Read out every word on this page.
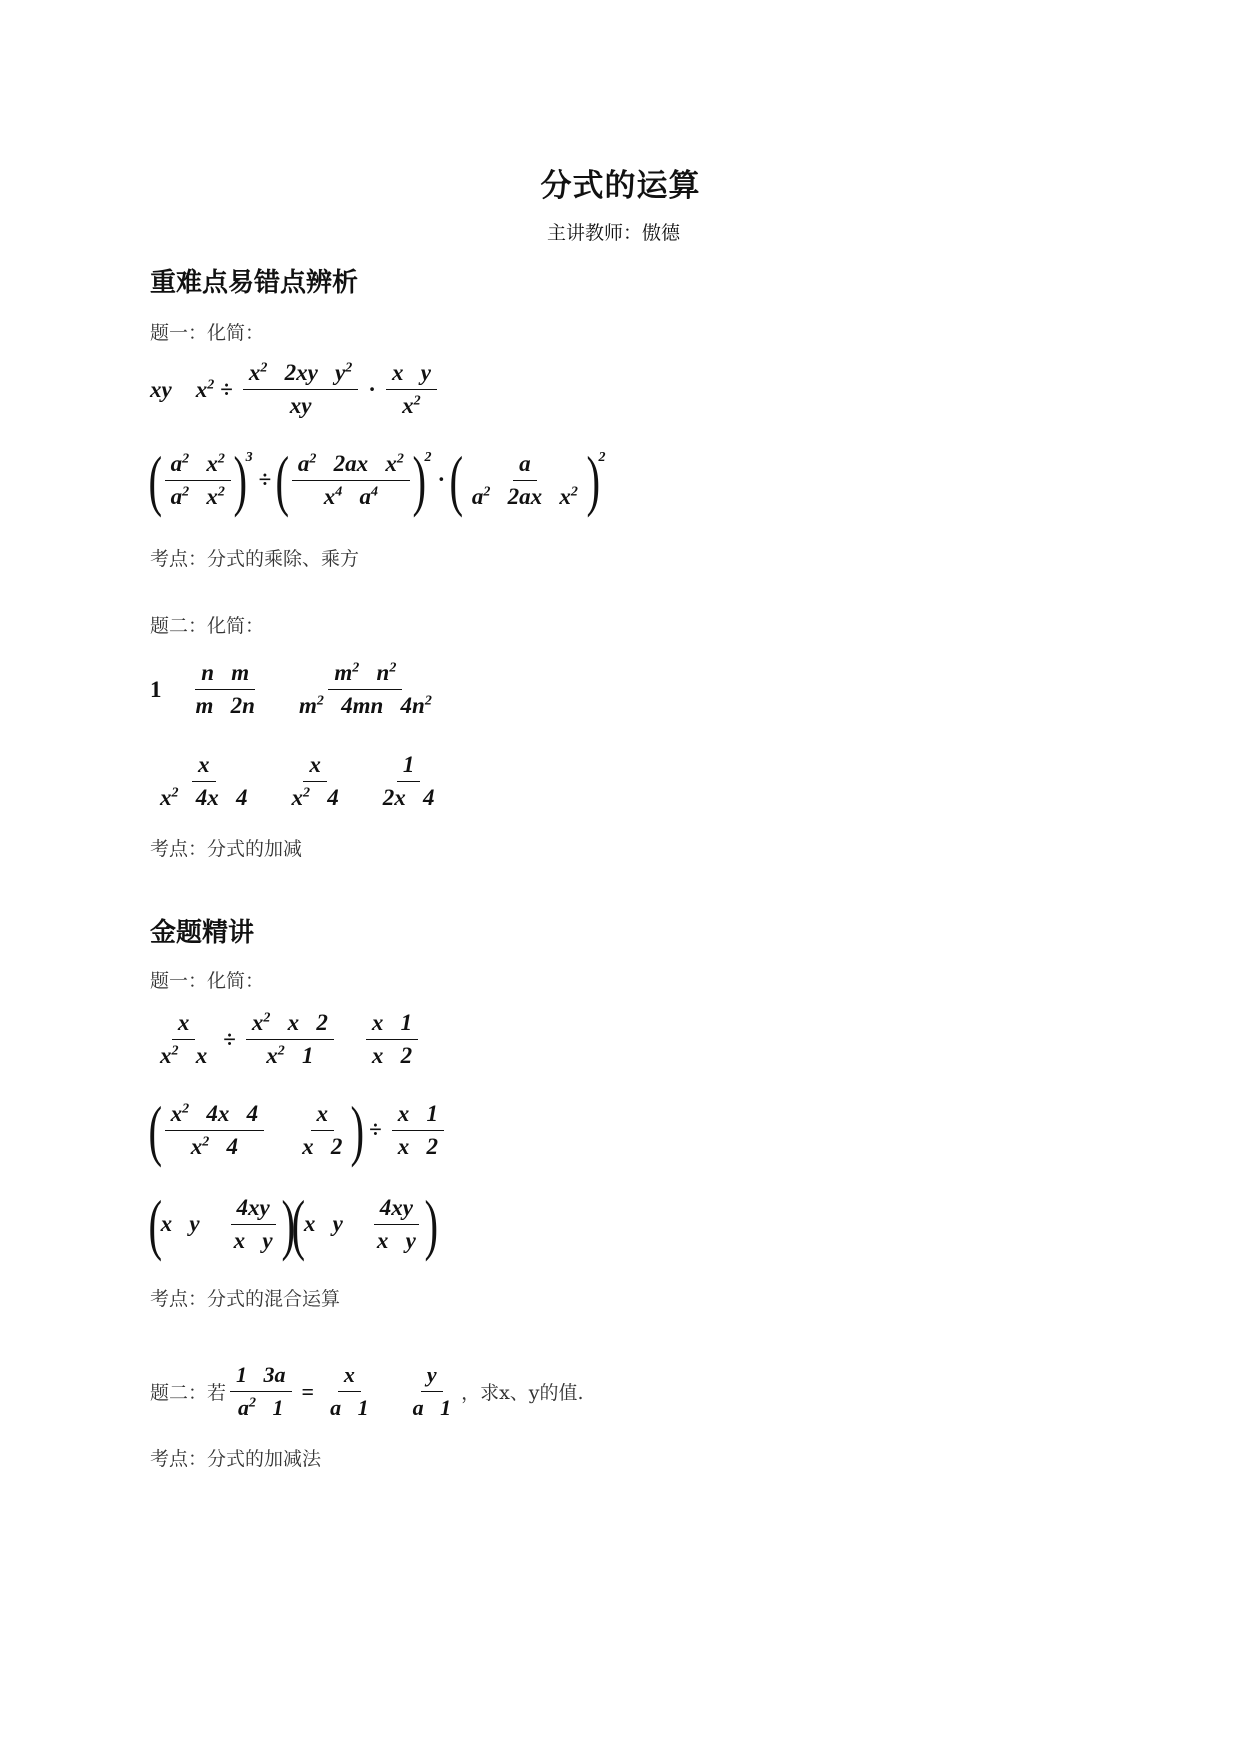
分式的运算
主讲教师：傲德
重难点易错点辨析
题一：化简：
xy $x^2 \div \frac{x^2 2xy y^2}{xy} \cdot \frac{\text{x   y}}{x^2}$
( $\frac{a^2 x^2}{a^2 x^2}$ )
3
÷ ( $\frac{a^2 2ax x^2}{x^4 a^4}$ )
2
· ( $\frac{a}{a^2 2ax x^2}$ )
2
考点：分式的乘除、乘方
题二：化简：
$1 \frac{\text{n   m}}{m 2n} \frac{m^2 n^2}{m^2 4mn 4n^2}$
$\frac{x}{x^2 4x 4} \frac{x}{x^2 4} \frac{1}{2x 4}$
考点：分式的加减
金题精讲
题一：化简：
$\frac{x}{x^2 x} \div \frac{x^2 x 2}{x^2 1} \frac{x 1}{x 2}$
( $\frac{x^2 4x 4}{x^2 4} \frac{x}{x 2}$ ) ÷ $\frac{x 1}{x 2}$
(
x   y $\frac{4xy}{\text{x   y}}$ )
(
x   y $\frac{4xy}{\text{x   y}}$ )
考点：分式的混合运算
题二：若 $\frac{1 3a}{a^2 1} = \frac{x}{a 1} \frac{y}{a 1}$ ，求x、y的值.
考点：分式的加减法
